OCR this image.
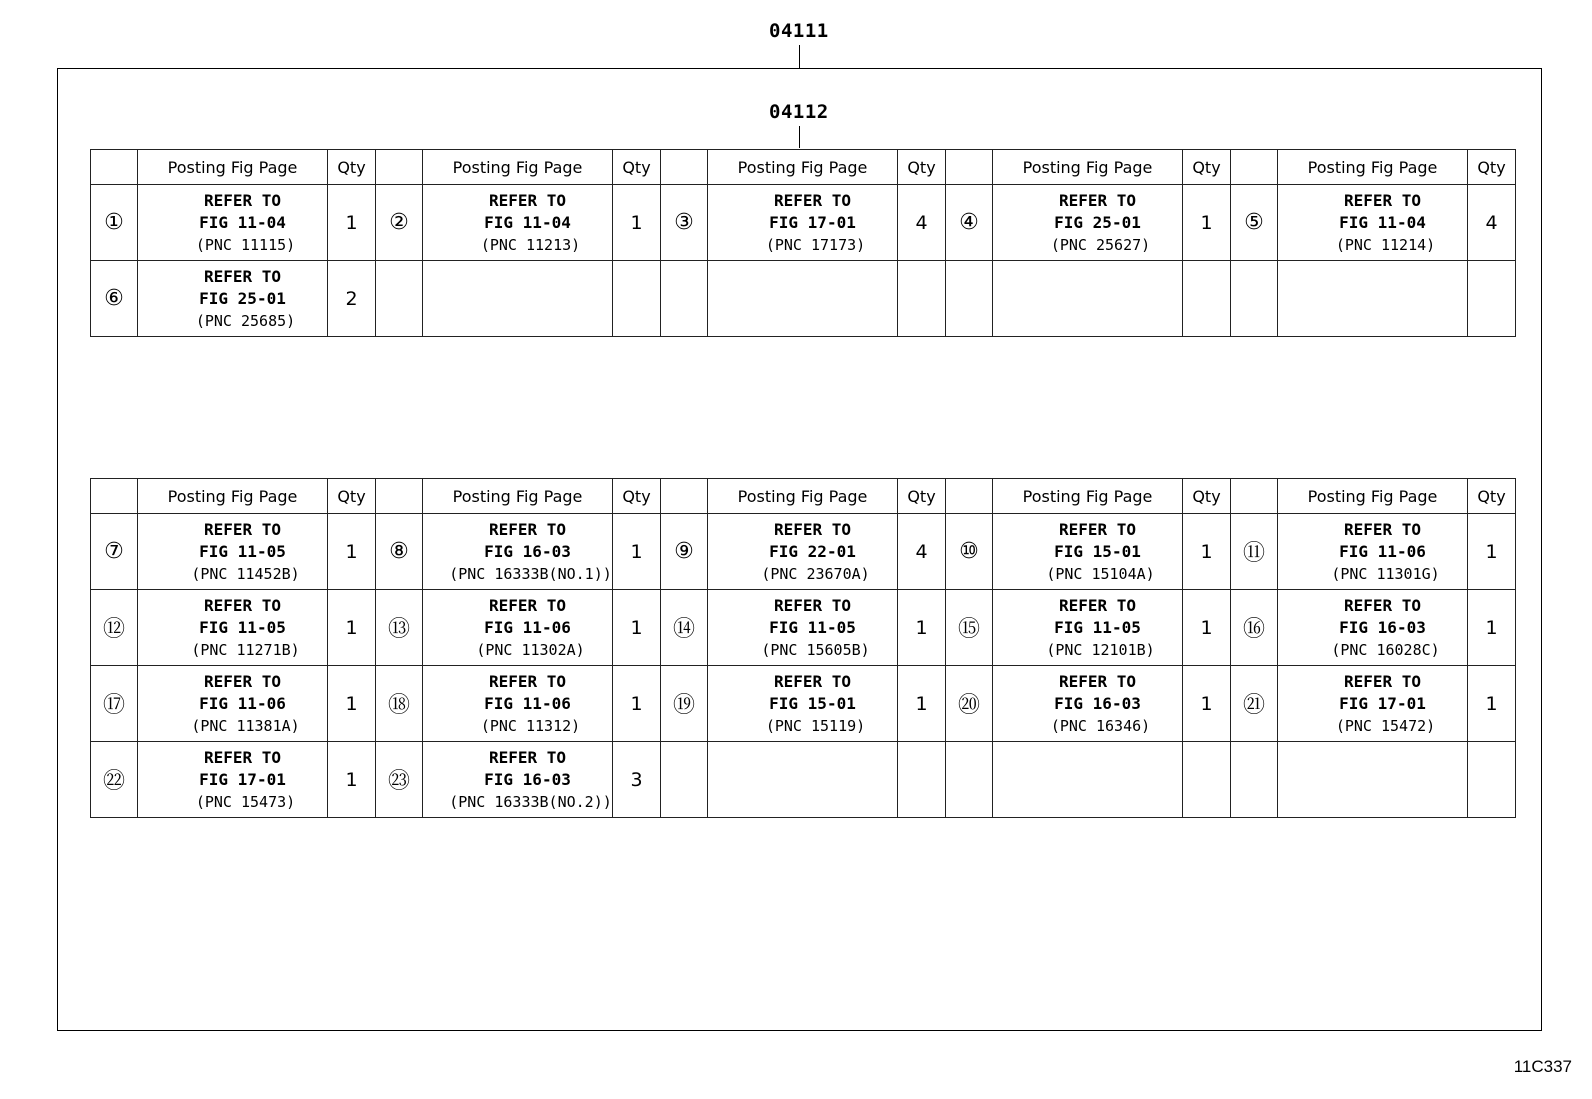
04111
04112
	Posting Fig Page	Qty		Posting Fig Page	Qty		Posting Fig Page	Qty		Posting Fig Page	Qty		Posting Fig Page	Qty
①	REFER TO
FIG 11-04
(PNC 11115)	1	②	REFER TO
FIG 11-04
(PNC 11213)	1	③	REFER TO
FIG 17-01
(PNC 17173)	4	④	REFER TO
FIG 25-01
(PNC 25627)	1	⑤	REFER TO
FIG 11-04
(PNC 11214)	4
⑥	REFER TO
FIG 25-01
(PNC 25685)	2												
	Posting Fig Page	Qty		Posting Fig Page	Qty		Posting Fig Page	Qty		Posting Fig Page	Qty		Posting Fig Page	Qty
⑦	REFER TO
FIG 11-05
(PNC 11452B)	1	⑧	REFER TO
FIG 16-03
(PNC 16333B(NO.1))	1	⑨	REFER TO
FIG 22-01
(PNC 23670A)	4	⑩	REFER TO
FIG 15-01
(PNC 15104A)	1	⑪	REFER TO
FIG 11-06
(PNC 11301G)	1
⑫	REFER TO
FIG 11-05
(PNC 11271B)	1	⑬	REFER TO
FIG 11-06
(PNC 11302A)	1	⑭	REFER TO
FIG 11-05
(PNC 15605B)	1	⑮	REFER TO
FIG 11-05
(PNC 12101B)	1	⑯	REFER TO
FIG 16-03
(PNC 16028C)	1
⑰	REFER TO
FIG 11-06
(PNC 11381A)	1	⑱	REFER TO
FIG 11-06
(PNC 11312)	1	⑲	REFER TO
FIG 15-01
(PNC 15119)	1	⑳	REFER TO
FIG 16-03
(PNC 16346)	1	㉑	REFER TO
FIG 17-01
(PNC 15472)	1
㉒	REFER TO
FIG 17-01
(PNC 15473)	1	㉓	REFER TO
FIG 16-03
(PNC 16333B(NO.2))	3									
11C337
